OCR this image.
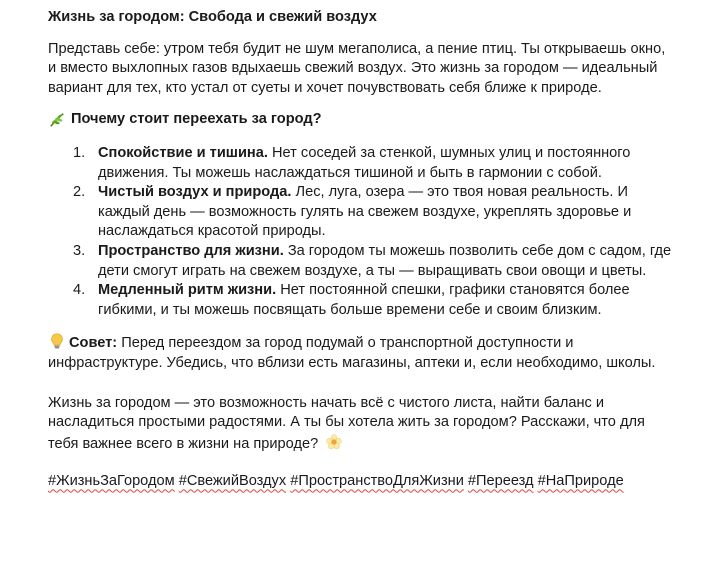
Жизнь за городом: Свобода и свежий воздух

Представь себе: утром тебя будит не шум мегаполиса, а пение птиц. Ты открываешь окно, и вместо выхлопных газов вдыхаешь свежий воздух. Это жизнь за городом — идеальный вариант для тех, кто устал от суеты и хочет почувствовать себя ближе к природе.

Почему стоит переехать за город?
1. Спокойствие и тишина. Нет соседей за стенкой, шумных улиц и постоянного движения. Ты можешь наслаждаться тишиной и быть в гармонии с собой.
2. Чистый воздух и природа. Лес, луга, озера — это твоя новая реальность. И каждый день — возможность гулять на свежем воздухе, укреплять здоровье и наслаждаться красотой природы.
3. Пространство для жизни. За городом ты можешь позволить себе дом с садом, где дети смогут играть на свежем воздухе, а ты — выращивать свои овощи и цветы.
4. Медленный ритм жизни. Нет постоянной спешки, графики становятся более гибкими, и ты можешь посвящать больше времени себе и своим близким.

Совет: Перед переездом за город подумай о транспортной доступности и инфраструктуре. Убедись, что вблизи есть магазины, аптеки и, если необходимо, школы.

Жизнь за городом — это возможность начать всё с чистого листа, найти баланс и насладиться простыми радостями. А ты бы хотела жить за городом? Расскажи, что для тебя важнее всего в жизни на природе?

#ЖизньЗаГородом #СвежийВоздух #ПространствоДляЖизни #Переезд #НаПрироде
